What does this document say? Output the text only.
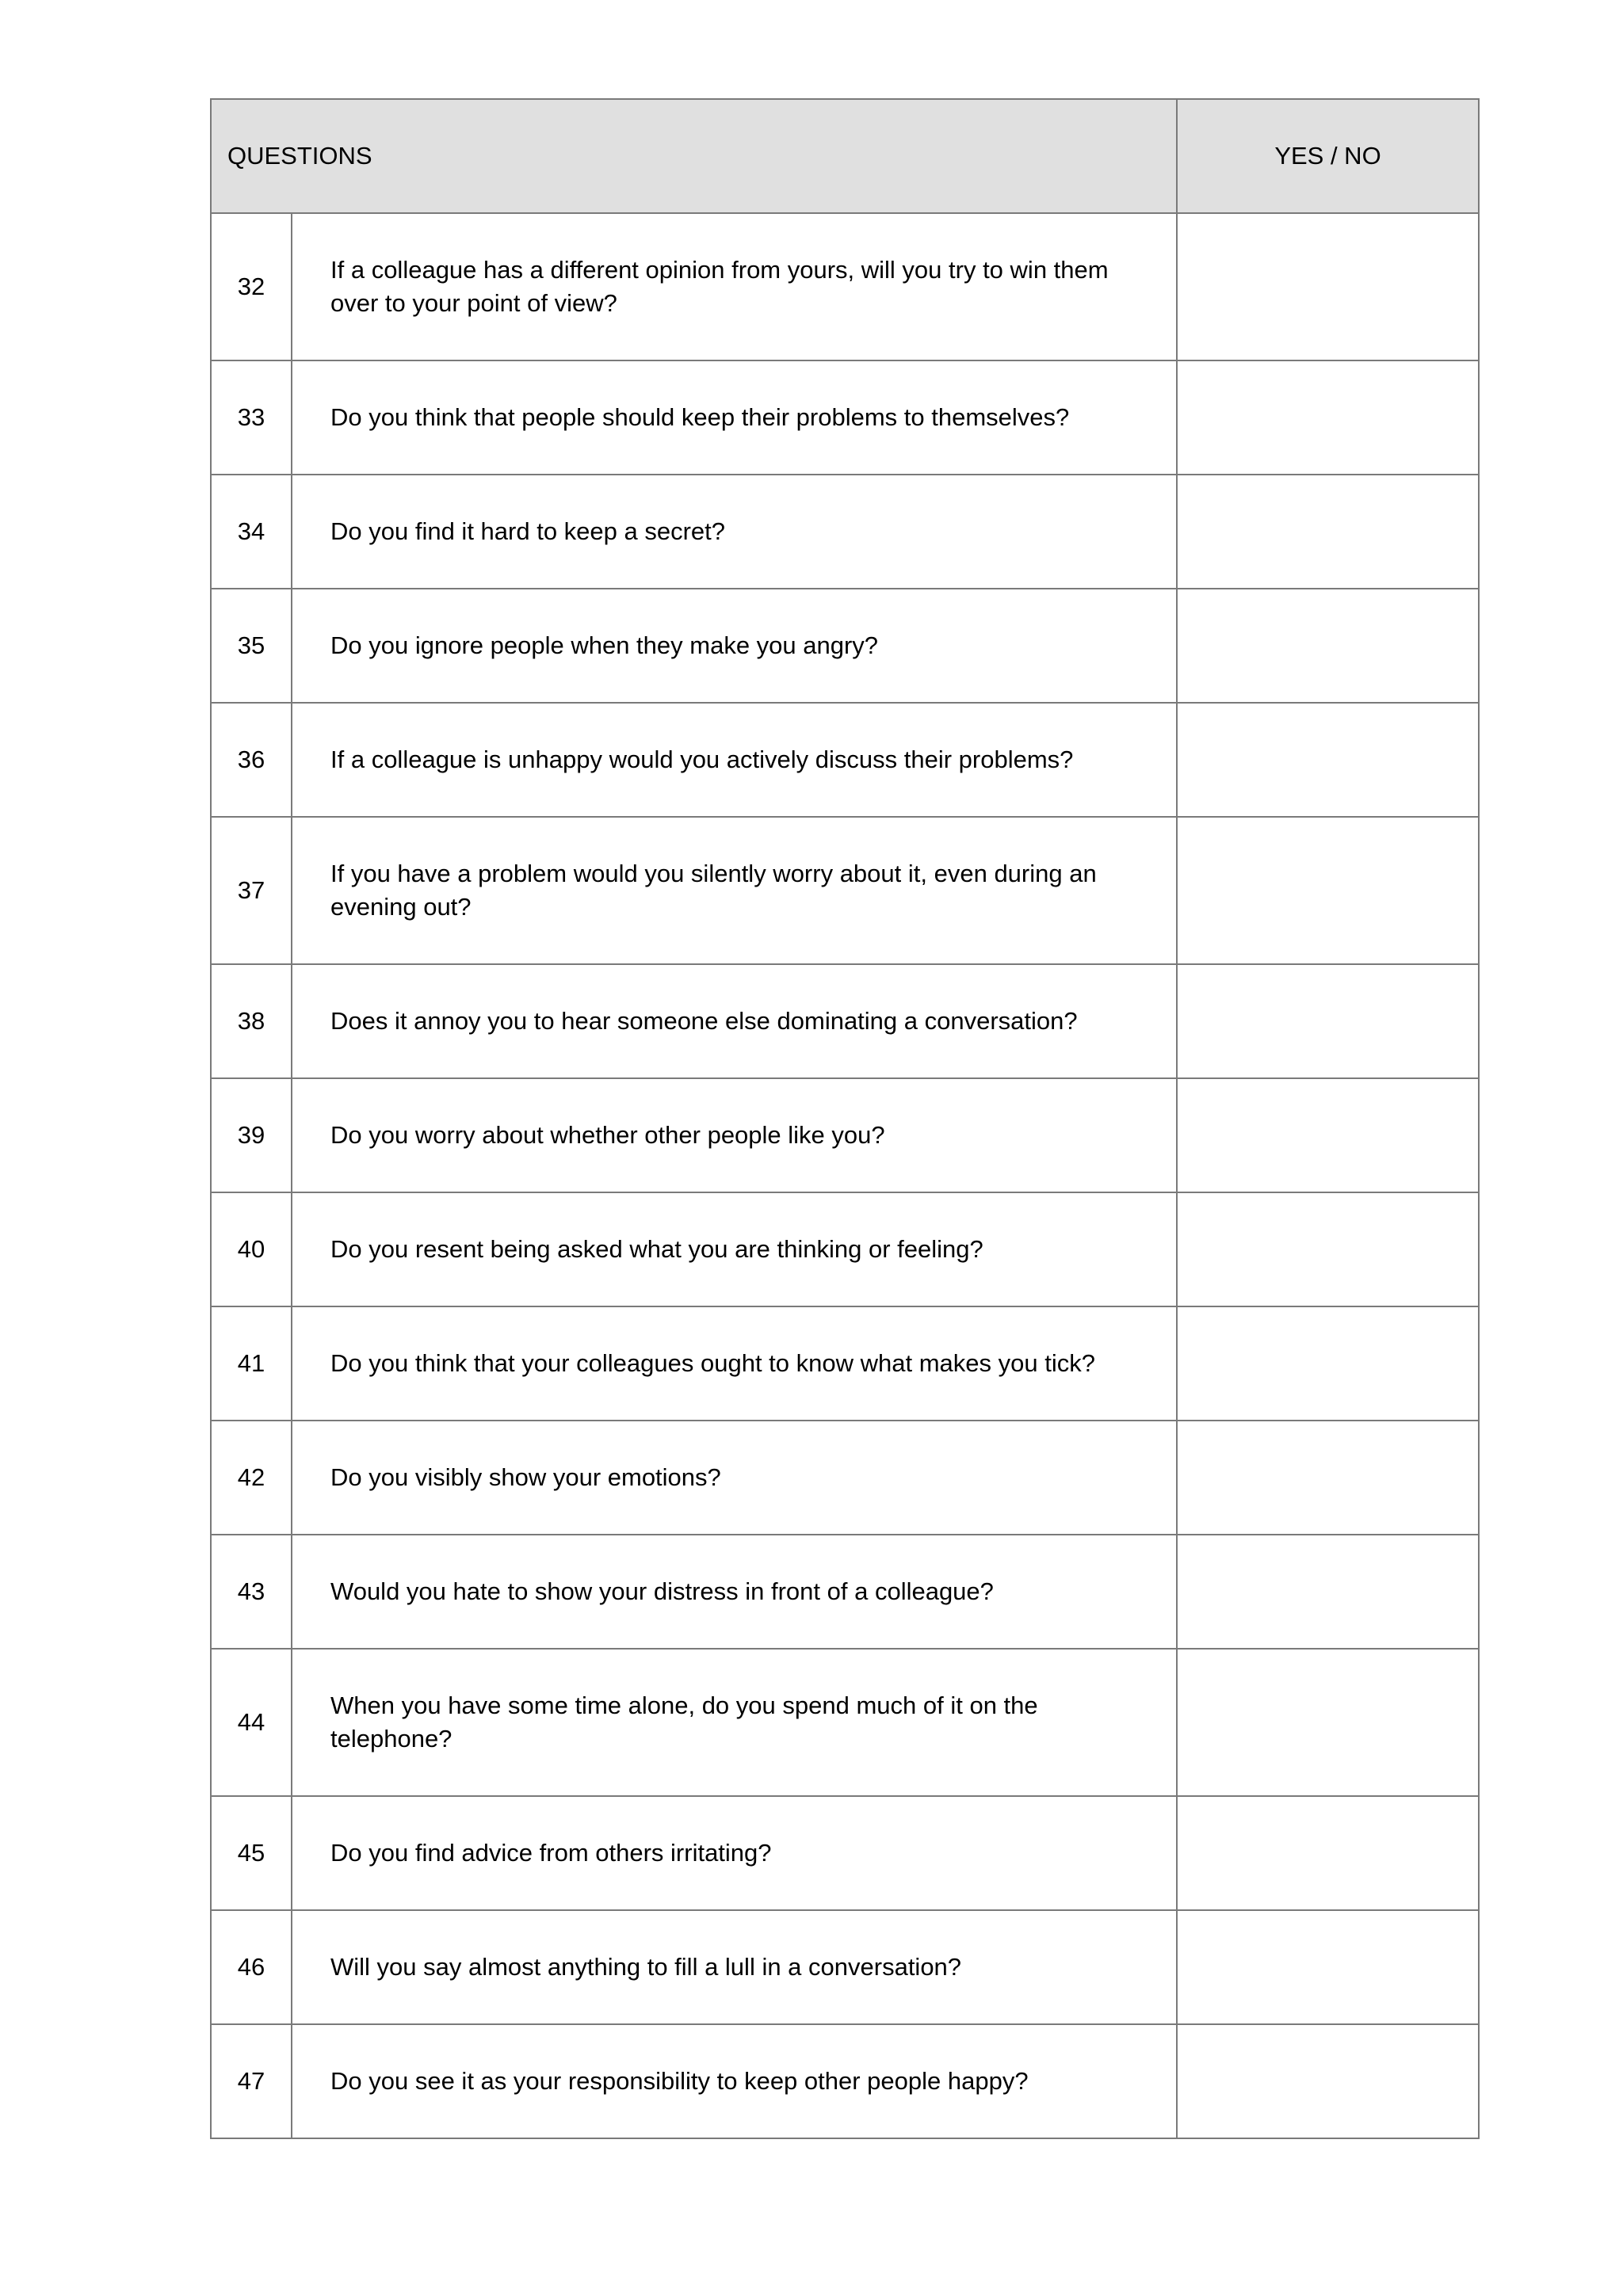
QUESTIONS		YES / NO
32	If a colleague has a different opinion from yours, will you try to win them over to your point of view?	
33	Do you think that people should keep their problems to themselves?	
34	Do you find it hard to keep a secret?	
35	Do you ignore people when they make you angry?	
36	If a colleague is unhappy would you actively discuss their problems?	
37	If you have a problem would you silently worry about it, even during an evening out?	
38	Does it annoy you to hear someone else dominating a conversation?	
39	Do you worry about whether other people like you?	
40	Do you resent being asked what you are thinking or feeling?	
41	Do you think that your colleagues ought to know what makes you tick?	
42	Do you visibly show your emotions?	
43	Would you hate to show your distress in front of a colleague?	
44	When you have some time alone, do you spend much of it on the telephone?	
45	Do you find advice from others irritating?	
46	Will you say almost anything to fill a lull in a conversation?	
47	Do you see it as your responsibility to keep other people happy?	
